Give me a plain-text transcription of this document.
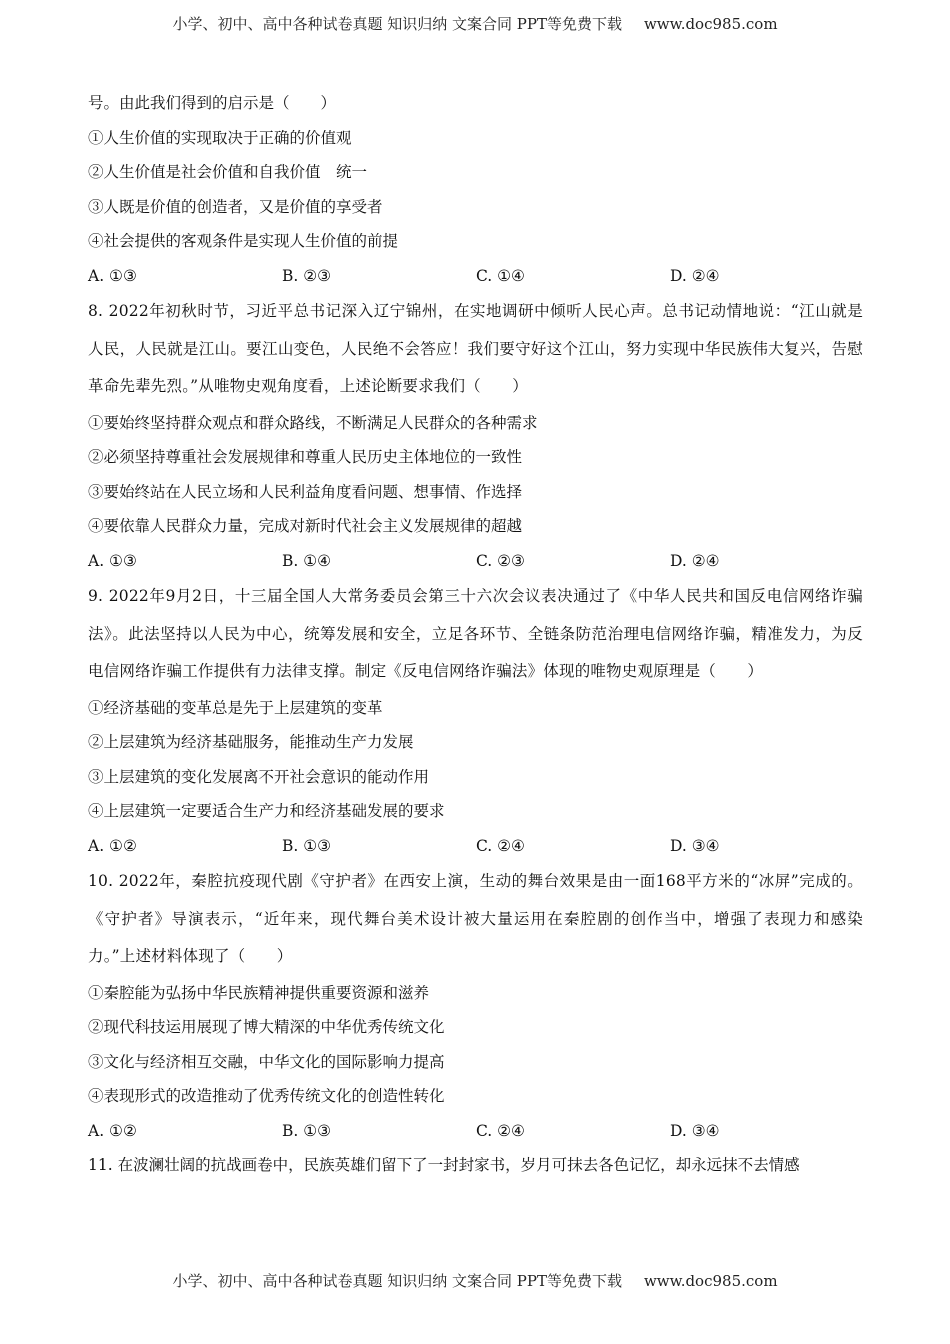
小学、初中、高中各种试卷真题 知识归纳 文案合同 PPT等免费下载 www.doc985.com
号。由此我们得到的启示是（　　）
①人生价值的实现取决于正确的价值观
②人生价值是社会价值和自我价值　统一
③人既是价值的创造者，又是价值的享受者
④社会提供的客观条件是实现人生价值的前提
A. ①③	B. ②③	C. ①④	D. ②④
8. 2022年初秋时节，习近平总书记深入辽宁锦州，在实地调研中倾听人民心声。总书记动情地说：“江山就是人民，人民就是江山。要江山变色，人民绝不会答应！我们要守好这个江山，努力实现中华民族伟大复兴，告慰革命先辈先烈。”从唯物史观角度看，上述论断要求我们（　　）
①要始终坚持群众观点和群众路线，不断满足人民群众的各种需求
②必须坚持尊重社会发展规律和尊重人民历史主体地位的一致性
③要始终站在人民立场和人民利益角度看问题、想事情、作选择
④要依靠人民群众力量，完成对新时代社会主义发展规律的超越
A. ①③	B. ①④	C. ②③	D. ②④
9. 2022年9月2日，十三届全国人大常务委员会第三十六次会议表决通过了《中华人民共和国反电信网络诈骗法》。此法坚持以人民为中心，统筹发展和安全，立足各环节、全链条防范治理电信网络诈骗，精准发力，为反电信网络诈骗工作提供有力法律支撑。制定《反电信网络诈骗法》体现的唯物史观原理是（　　）
①经济基础的变革总是先于上层建筑的变革
②上层建筑为经济基础服务，能推动生产力发展
③上层建筑的变化发展离不开社会意识的能动作用
④上层建筑一定要适合生产力和经济基础发展的要求
A. ①②	B. ①③	C. ②④	D. ③④
10. 2022年，秦腔抗疫现代剧《守护者》在西安上演，生动的舞台效果是由一面168平方米的“冰屏”完成的。《守护者》导演表示，“近年来，现代舞台美术设计被大量运用在秦腔剧的创作当中，增强了表现力和感染力。”上述材料体现了（　　）
①秦腔能为弘扬中华民族精神提供重要资源和滋养
②现代科技运用展现了博大精深的中华优秀传统文化
③文化与经济相互交融，中华文化的国际影响力提高
④表现形式的改造推动了优秀传统文化的创造性转化
A. ①②	B. ①③	C. ②④	D. ③④
11. 在波澜壮阔的抗战画卷中，民族英雄们留下了一封封家书，岁月可抹去各色记忆，却永远抹不去情感
小学、初中、高中各种试卷真题 知识归纳 文案合同 PPT等免费下载 www.doc985.com
